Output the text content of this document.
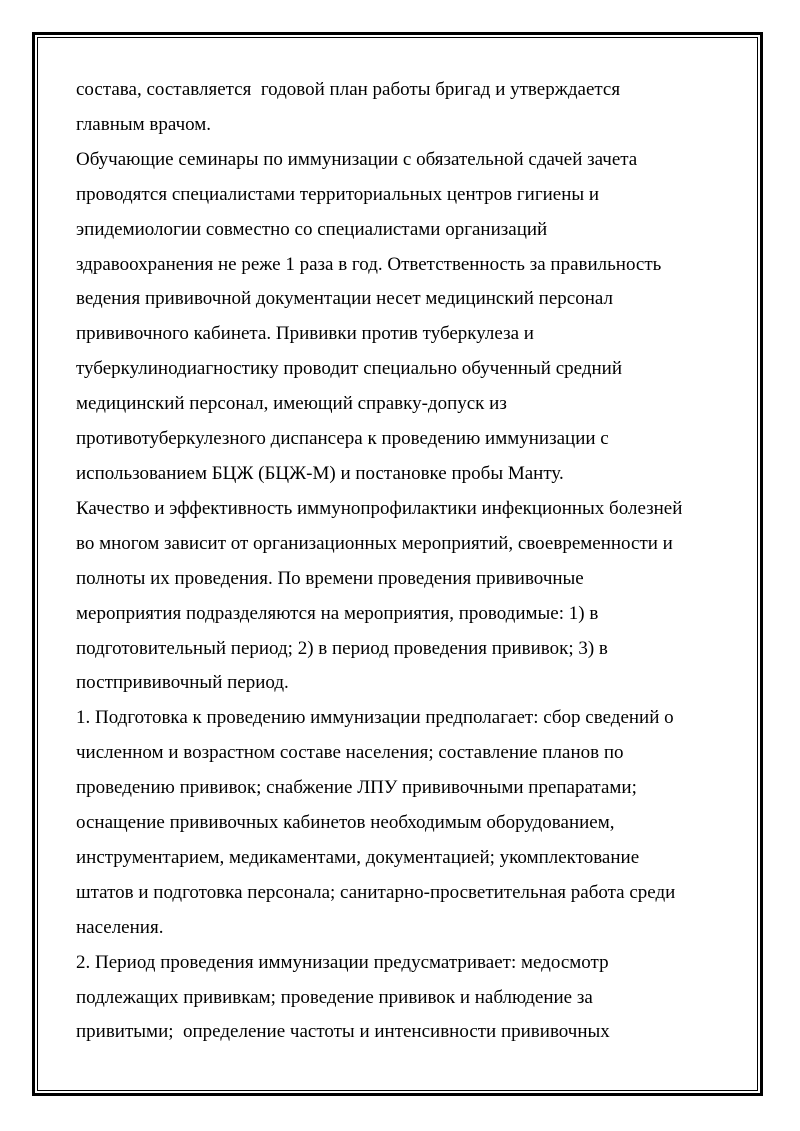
состава, составляется  годовой план работы бригад и утверждается
главным врачом.
Обучающие семинары по иммунизации с обязательной сдачей зачета
проводятся специалистами территориальных центров гигиены и
эпидемиологии совместно со специалистами организаций
здравоохранения не реже 1 раза в год. Ответственность за правильность
ведения прививочной документации несет медицинский персонал
прививочного кабинета. Прививки против туберкулеза и
туберкулинодиагностику проводит специально обученный средний
медицинский персонал, имеющий справку-допуск из
противотуберкулезного диспансера к проведению иммунизации с
использованием БЦЖ (БЦЖ-М) и постановке пробы Манту.
Качество и эффективность иммунопрофилактики инфекционных болезней
во многом зависит от организационных мероприятий, своевременности и
полноты их проведения. По времени проведения прививочные
мероприятия подразделяются на мероприятия, проводимые: 1) в
подготовительный период; 2) в период проведения прививок; 3) в
постпрививочный период.
1. Подготовка к проведению иммунизации предполагает: сбор сведений о
численном и возрастном составе населения; составление планов по
проведению прививок; снабжение ЛПУ прививочными препаратами;
оснащение прививочных кабинетов необходимым оборудованием,
инструментарием, медикаментами, документацией; укомплектование
штатов и подготовка персонала; санитарно-просветительная работа среди
населения.
2. Период проведения иммунизации предусматривает: медосмотр
подлежащих прививкам; проведение прививок и наблюдение за
привитыми;  определение частоты и интенсивности прививочных
